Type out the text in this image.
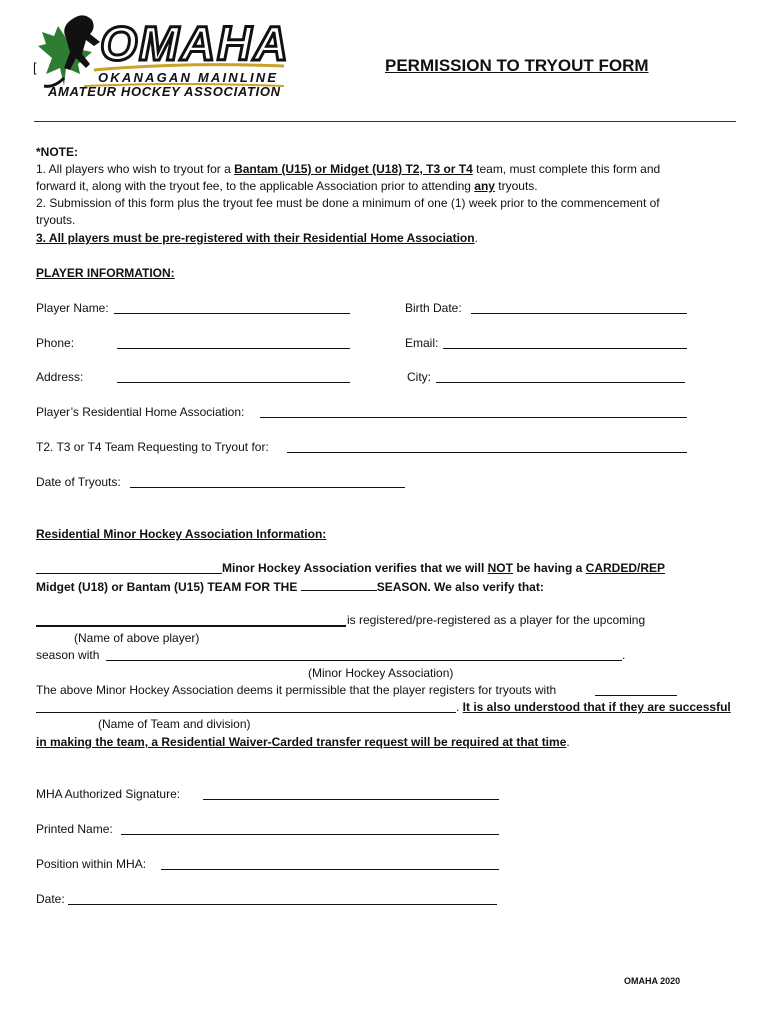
OMAHA
OKANAGAN MAINLINE
AMATEUR HOCKEY ASSOCIATION
[	PERMISSION TO TRYOUT FORM
*NOTE:
1. All players who wish to tryout for a Bantam (U15) or Midget (U18) T2, T3 or T4 team, must complete this form and
forward it, along with the tryout fee, to the applicable Association prior to attending any tryouts.
2. Submission of this form plus the tryout fee must be done a minimum of one (1) week prior to the commencement of
tryouts.
3. All players must be pre-registered with their Residential Home Association.
PLAYER INFORMATION:
Player Name:	Birth Date:
Phone:	Email:
Address:	City:
Player’s Residential Home Association:
T2. T3 or T4 Team Requesting to Tryout for:
Date of Tryouts:
Residential Minor Hockey Association Information:
Minor Hockey Association verifies that we will NOT be having a CARDED/REP
Midget (U18) or Bantam (U15) TEAM FOR THE	SEASON. We also verify that:
is registered/pre-registered as a player for the upcoming
(Name of above player)
season with	.
(Minor Hockey Association)
The above Minor Hockey Association deems it permissible that the player registers for tryouts with
. It is also understood that if they are successful
(Name of Team and division)
in making the team, a Residential Waiver-Carded transfer request will be required at that time.
MHA Authorized Signature:
Printed Name:
Position within MHA:
Date:
OMAHA 2020
